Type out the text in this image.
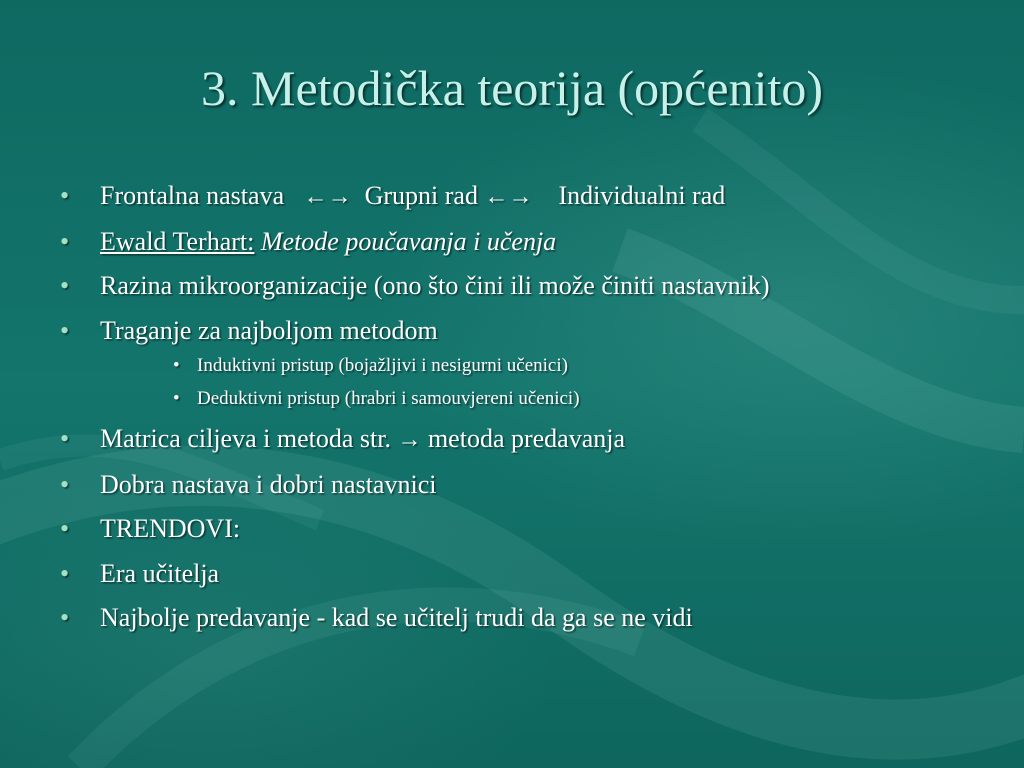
3. Metodička teorija (općenito)
• Frontalna nastava ←→ Grupni rad ←→ Individualni rad
• Ewald Terhart: Metode poučavanja i učenja
• Razina mikroorganizacije (ono što čini ili može činiti nastavnik)
• Traganje za najboljom metodom
• Induktivni pristup (bojažljivi i nesigurni učenici)
• Deduktivni pristup (hrabri i samouvjereni učenici)
• Matrica ciljeva i metoda str. → metoda predavanja
• Dobra nastava i dobri nastavnici
• TRENDOVI:
• Era učitelja
• Najbolje predavanje - kad se učitelj trudi da ga se ne vidi
